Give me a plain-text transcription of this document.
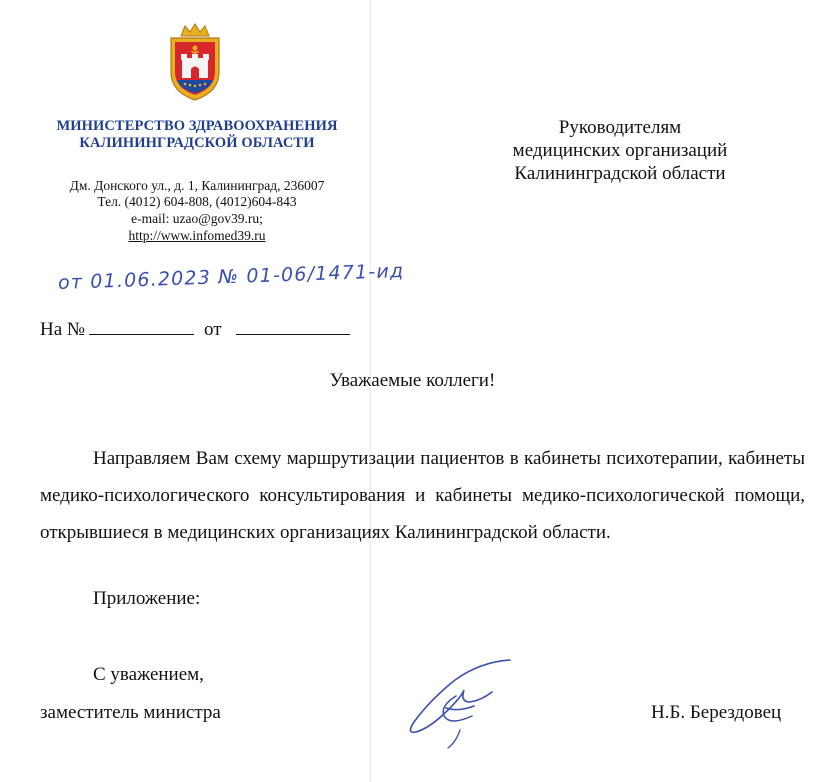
МИНИСТЕРСТВО ЗДРАВООХРАНЕНИЯ
КАЛИНИНГРАДСКОЙ ОБЛАСТИ
Дм. Донского ул., д. 1, Калининград, 236007
Тел. (4012) 604-808, (4012)604-843
e-mail: uzao@gov39.ru;
http://www.infomed39.ru
Руководителям
медицинских организаций
Калининградской области
от 01.06.2023 № 01-06/1471-ид
На №	от
Уважаемые коллеги!

Направляем Вам схему маршрутизации пациентов в кабинеты психотерапии, кабинеты медико-психологического консультирования и кабинеты медико-психологической помощи, открывшиеся в медицинских организациях Калининградской области.

Приложение:
С уважением,
заместитель министра	Н.Б. Берездовец
